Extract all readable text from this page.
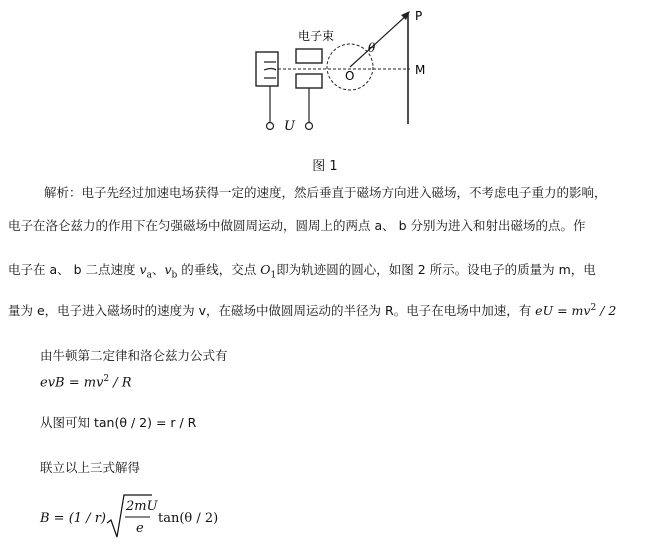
电子束
P
M
O
θ
U
图 1
解析：电子先经过加速电场获得一定的速度，然后垂直于磁场方向进入磁场，不考虑电子重力的影响，
电子在洛仑兹力的作用下在匀强磁场中做圆周运动，圆周上的两点 a、 b 分别为进入和射出磁场的点。作
电子在 a、 b 二点速度 $v_a$、$v_b$ 的垂线，交点 $O_1$即为轨迹圆的圆心，如图 2 所示。设电子的质量为 m，电
量为 e，电子进入磁场时的速度为 v，在磁场中做圆周运动的半径为 R。电子在电场中加速，有 eU = $mv^2 / 2$
由牛顿第二定律和洛仑兹力公式有
evB = $mv^2$ / R
从图可知 tan(θ / 2) = r / R
联立以上三式解得
B = (1 / r)
2mU
e
tan(θ / 2)
